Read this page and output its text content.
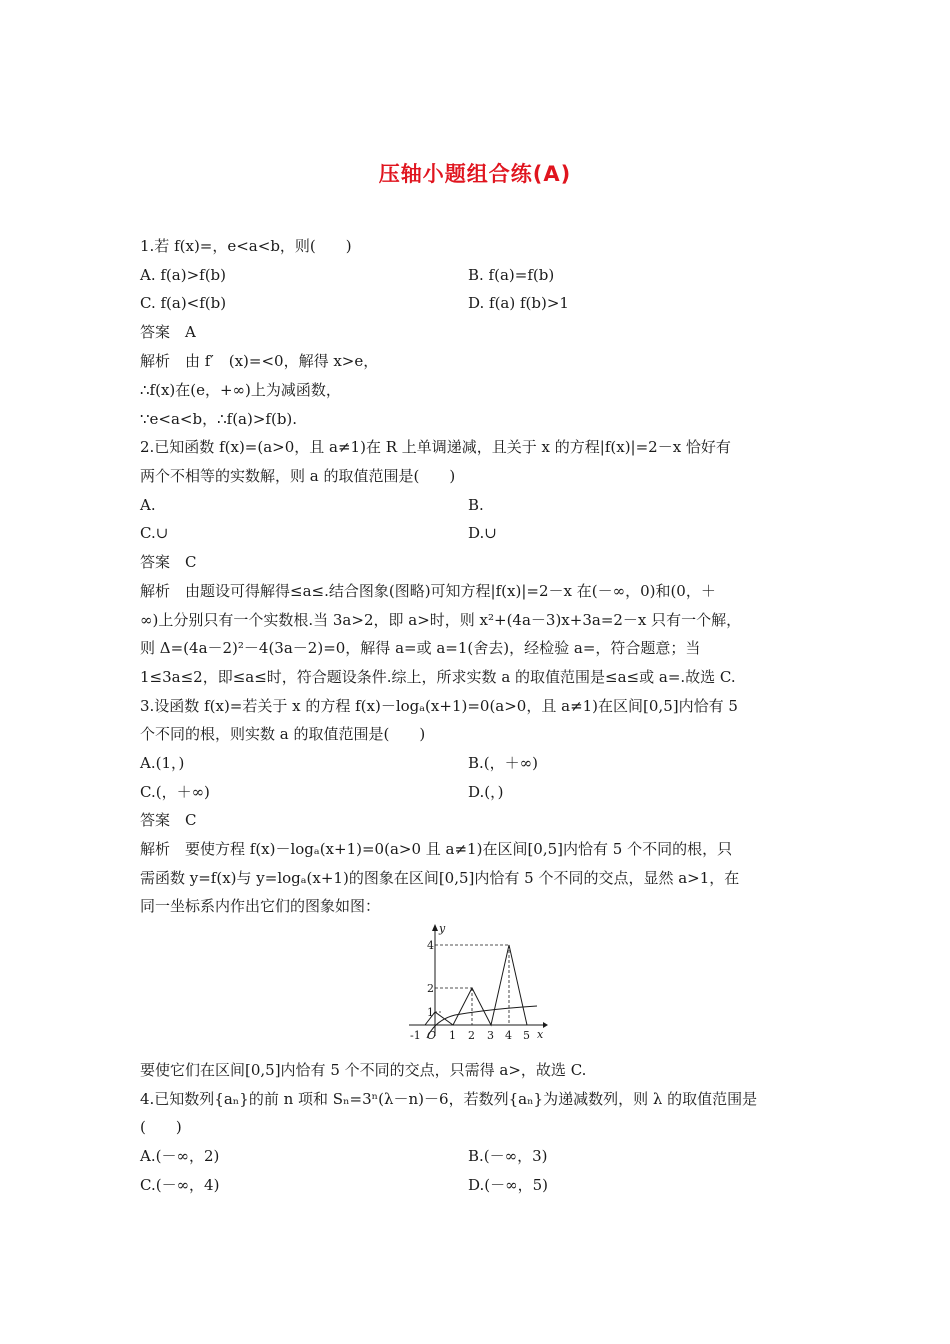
压轴小题组合练(A)
1.若 f(x)=，e<a<b，则(　　)
A. f(a)>f(b)	B. f(a)=f(b)
C. f(a)<f(b)	D. f(a) f(b)>1
答案　A
解析　由 f′　(x)=<0，解得 x>e，
∴f(x)在(e，+∞)上为减函数，
∵e<a<b，∴f(a)>f(b).
2.已知函数 f(x)=(a>0，且 a≠1)在 R 上单调递减，且关于 x 的方程|f(x)|=2－x 恰好有
两个不相等的实数解，则 a 的取值范围是(　　)
A.	B.
C.∪	D.∪
答案　C
解析　由题设可得解得≤a≤.结合图象(图略)可知方程|f(x)|=2－x 在(－∞，0)和(0，＋
∞)上分别只有一个实数根.当 3a>2，即 a>时，则 x²+(4a－3)x+3a=2－x 只有一个解，
则 Δ=(4a－2)²－4(3a－2)=0，解得 a=或 a=1(舍去)，经检验 a=，符合题意；当
1≤3a≤2，即≤a≤时，符合题设条件.综上，所求实数 a 的取值范围是≤a≤或 a=.故选 C.
3.设函数 f(x)=若关于 x 的方程 f(x)－logₐ(x+1)=0(a>0，且 a≠1)在区间[0,5]内恰有 5
个不同的根，则实数 a 的取值范围是(　　)
A.(1，)	B.(，＋∞)
C.(，＋∞)	D.(，)
答案　C
解析　要使方程 f(x)－logₐ(x+1)=0(a>0 且 a≠1)在区间[0,5]内恰有 5 个不同的根，只
需函数 y=f(x)与 y=logₐ(x+1)的图象在区间[0,5]内恰有 5 个不同的交点，显然 a>1，在
同一坐标系内作出它们的图象如图：
y
x
4
2
1
-1 O 1 2 3 4 5
要使它们在区间[0,5]内恰有 5 个不同的交点，只需得 a>，故选 C.
4.已知数列{aₙ}的前 n 项和 Sₙ=3ⁿ(λ－n)－6，若数列{aₙ}为递减数列，则 λ 的取值范围是
(　　)
A.(－∞，2)	B.(－∞，3)
C.(－∞，4)	D.(－∞，5)
